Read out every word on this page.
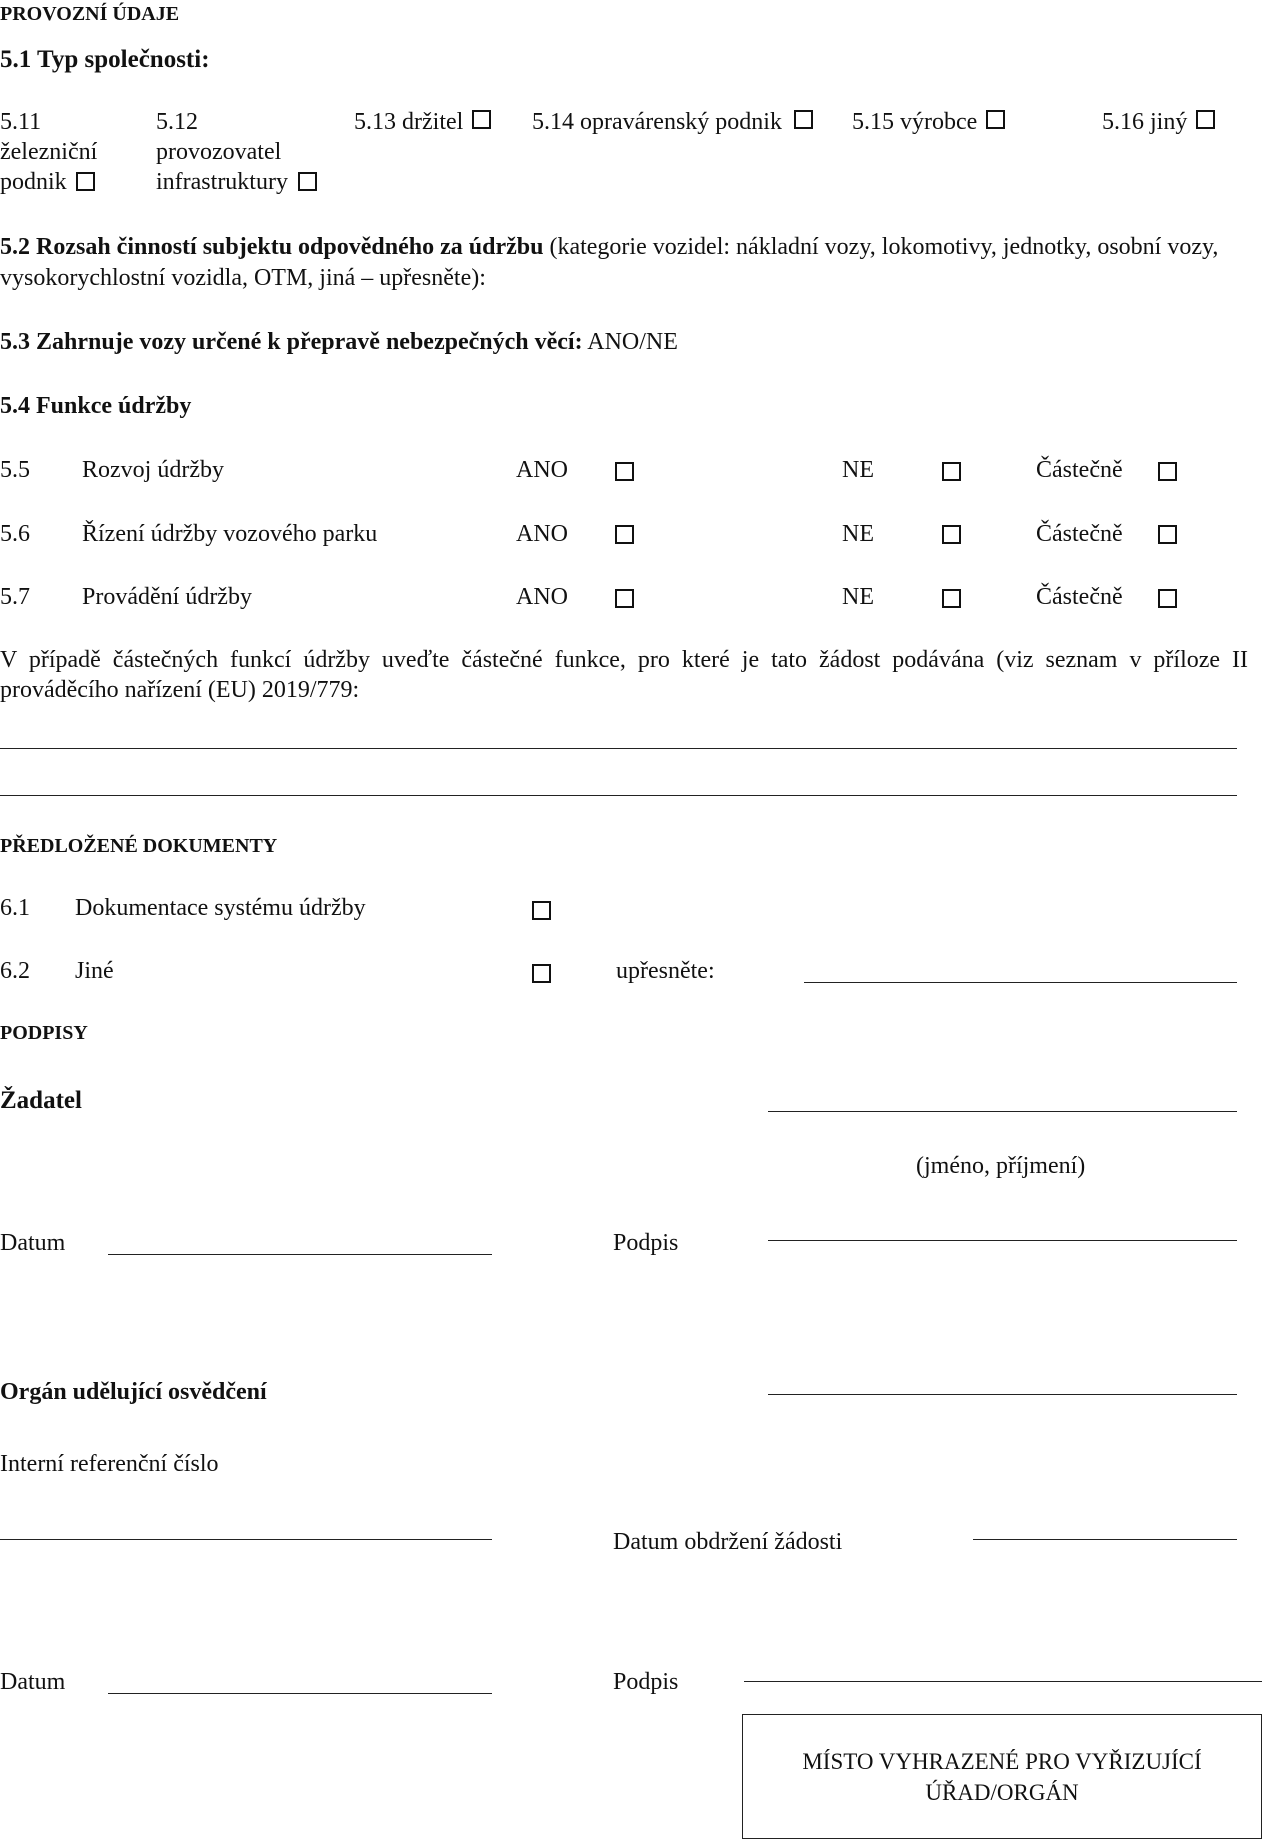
PROVOZNÍ ÚDAJE
5.1 Typ společnosti:
5.11
železniční
podnik
5.12
provozovatel
infrastruktury
5.13 držitel	5.14 opravárenský podnik	5.15 výrobce	5.16 jiný
5.2 Rozsah činností subjektu odpovědného za údržbu (kategorie vozidel: nákladní vozy, lokomotivy, jednotky, osobní vozy,
vysokorychlostní vozidla, OTM, jiná – upřesněte):
5.3 Zahrnuje vozy určené k přepravě nebezpečných věcí: ANO/NE
5.4 Funkce údržby
5.5 Rozvoj údržby	ANO	NE	Částečně
5.6 Řízení údržby vozového parku	ANO	NE	Částečně
5.7 Provádění údržby	ANO	NE	Částečně
V případě částečných funkcí údržby uveďte částečné funkce, pro které je tato žádost podávána (viz seznam v příloze II
prováděcího nařízení (EU) 2019/779:
PŘEDLOŽENÉ DOKUMENTY
6.1 Dokumentace systému údržby
6.2 Jiné	upřesněte:
PODPISY
Žadatel
(jméno, příjmení)
Datum	Podpis
Orgán udělující osvědčení
Interní referenční číslo
Datum obdržení žádosti
Datum	Podpis
MÍSTO VYHRAZENÉ PRO VYŘIZUJÍCÍ
ÚŘAD/ORGÁN
